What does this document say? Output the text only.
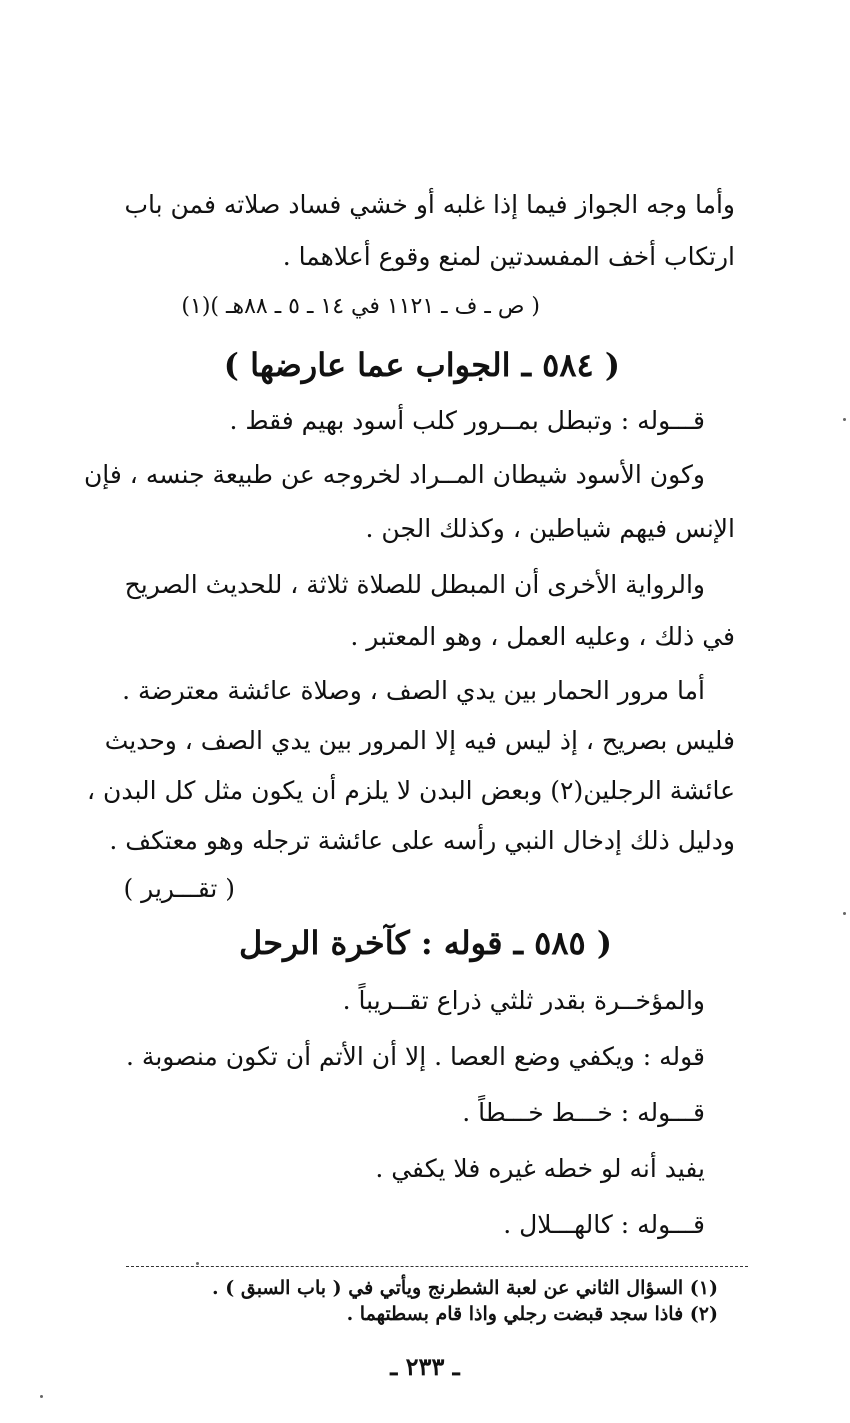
وأما وجه الجواز فيما إذا غلبه أو خشي فساد صلاته فمن باب
ارتكاب أخف المفسدتين لمنع وقوع أعلاهما .
( ص ـ ف ـ ١١٢١ في ١٤ ـ ٥ ـ ٨٨هـ )(١)
( ٥٨٤ ـ الجواب عما عارضها )
قـــوله : وتبطل بمــرور كلب أسود بهيم فقط .
وكون الأسود شيطان المــراد لخروجه عن طبيعة جنسه ، فإن
الإنس فيهم شياطين ، وكذلك الجن .
والرواية الأخرى أن المبطل للصلاة ثلاثة ، للحديث الصريح
في ذلك ، وعليه العمل ، وهو المعتبر .
أما مرور الحمار بين يدي الصف ، وصلاة عائشة معترضة .
فليس بصريح ، إذ ليس فيه إلا المرور بين يدي الصف ، وحديث
عائشة الرجلين(٢) وبعض البدن لا يلزم أن يكون مثل كل البدن ،
ودليل ذلك إدخال النبي رأسه على عائشة ترجله وهو معتكف .
( تقـــرير )
( ٥٨٥ ـ قوله : كآخرة الرحل
والمؤخــرة بقدر ثلثي ذراع تقــريباً .
قوله : ويكفي وضع العصا . إلا أن الأتم أن تكون منصوبة .
قـــوله : خـــط خـــطاً .
يفيد أنه لو خطه غيره فلا يكفي .
قـــوله : كالهـــلال .
(١) السؤال الثاني عن لعبة الشطرنج ويأتي في ( باب السبق ) .
(٢) فاذا سجد قبضت رجلي واذا قام بسطتهما .
ـ ٢٣٣ ـ
